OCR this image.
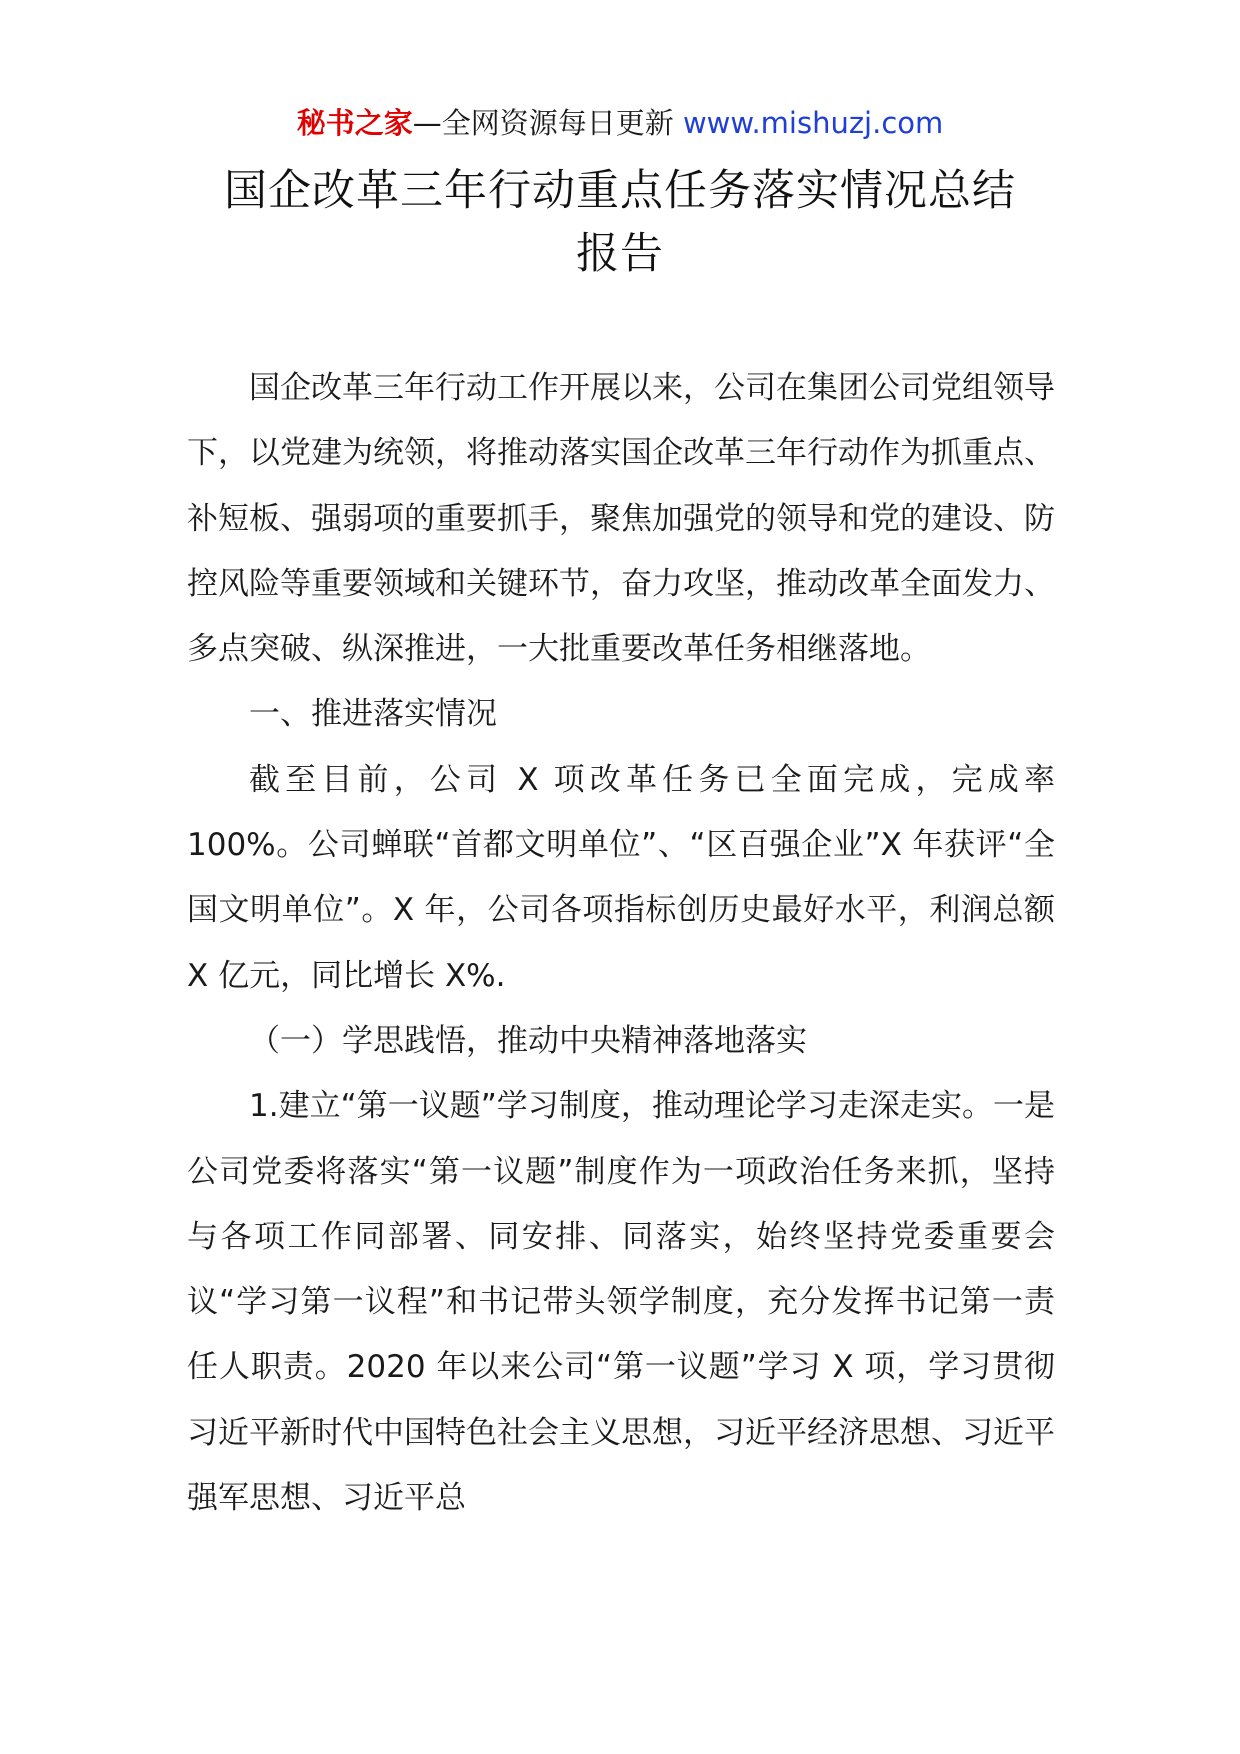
秘书之家—全网资源每日更新 www.mishuzj.com
国企改革三年行动重点任务落实情况总结
报告

国企改革三年行动工作开展以来，公司在集团公司党组领导下，以党建为统领，将推动落实国企改革三年行动作为抓重点、补短板、强弱项的重要抓手，聚焦加强党的领导和党的建设、防控风险等重要领域和关键环节，奋力攻坚，推动改革全面发力、多点突破、纵深推进，一大批重要改革任务相继落地。

一、推进落实情况

截至目前，公司 X 项改革任务已全面完成，完成率 100%。公司蝉联“首都文明单位”、“区百强企业”X 年获评“全国文明单位”。X 年，公司各项指标创历史最好水平，利润总额 X 亿元，同比增长 X%.

（一）学思践悟，推动中央精神落地落实

1.建立“第一议题”学习制度，推动理论学习走深走实。一是公司党委将落实“第一议题”制度作为一项政治任务来抓，坚持与各项工作同部署、同安排、同落实，始终坚持党委重要会议“学习第一议程”和书记带头领学制度，充分发挥书记第一责任人职责。2020 年以来公司“第一议题”学习 X 项，学习贯彻习近平新时代中国特色社会主义思想，习近平经济思想、习近平强军思想、习近平总
